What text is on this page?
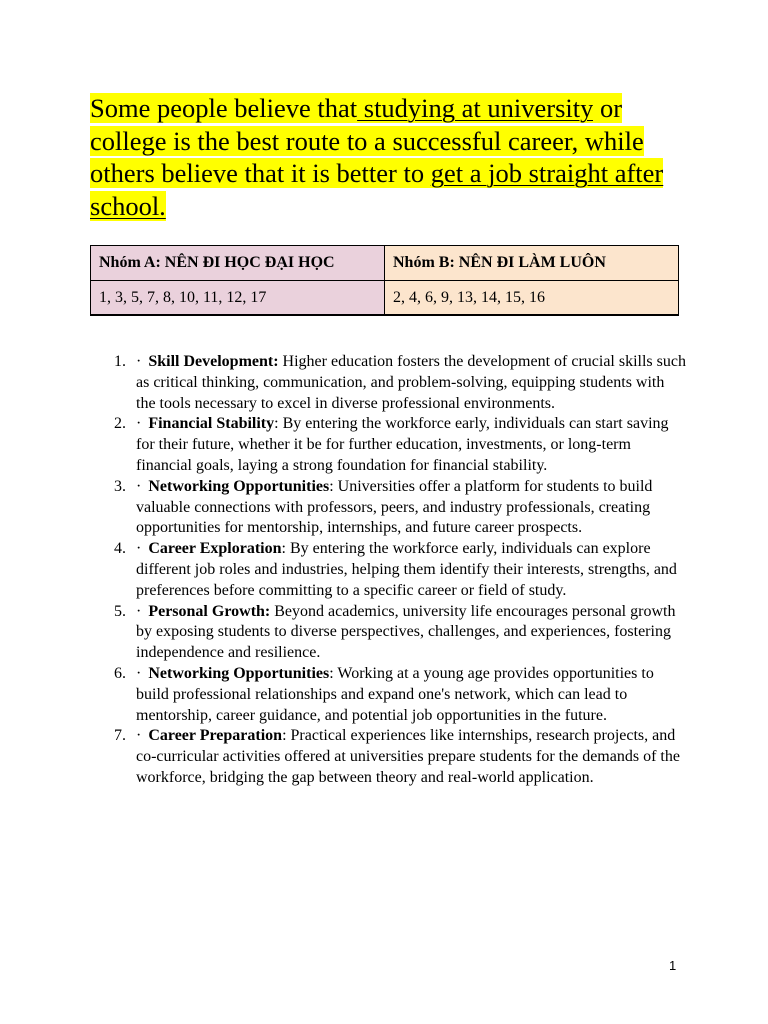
Some people believe that studying at university or college is the best route to a successful career, while others believe that it is better to get a job straight after school.

Nhóm A: NÊN ĐI HỌC ĐẠI HỌC	Nhóm B: NÊN ĐI LÀM LUÔN
1, 3, 5, 7, 8, 10, 11, 12, 17	2, 4, 6, 9, 13, 14, 15, 16
1. · Skill Development: Higher education fosters the development of crucial skills such as critical thinking, communication, and problem-solving, equipping students with the tools necessary to excel in diverse professional environments.
2. · Financial Stability: By entering the workforce early, individuals can start saving for their future, whether it be for further education, investments, or long-term financial goals, laying a strong foundation for financial stability.
3. · Networking Opportunities: Universities offer a platform for students to build valuable connections with professors, peers, and industry professionals, creating opportunities for mentorship, internships, and future career prospects.
4. · Career Exploration: By entering the workforce early, individuals can explore different job roles and industries, helping them identify their interests, strengths, and preferences before committing to a specific career or field of study.
5. · Personal Growth: Beyond academics, university life encourages personal growth by exposing students to diverse perspectives, challenges, and experiences, fostering independence and resilience.
6. · Networking Opportunities: Working at a young age provides opportunities to build professional relationships and expand one's network, which can lead to mentorship, career guidance, and potential job opportunities in the future.
7. · Career Preparation: Practical experiences like internships, research projects, and co-curricular activities offered at universities prepare students for the demands of the workforce, bridging the gap between theory and real-world application.
1
